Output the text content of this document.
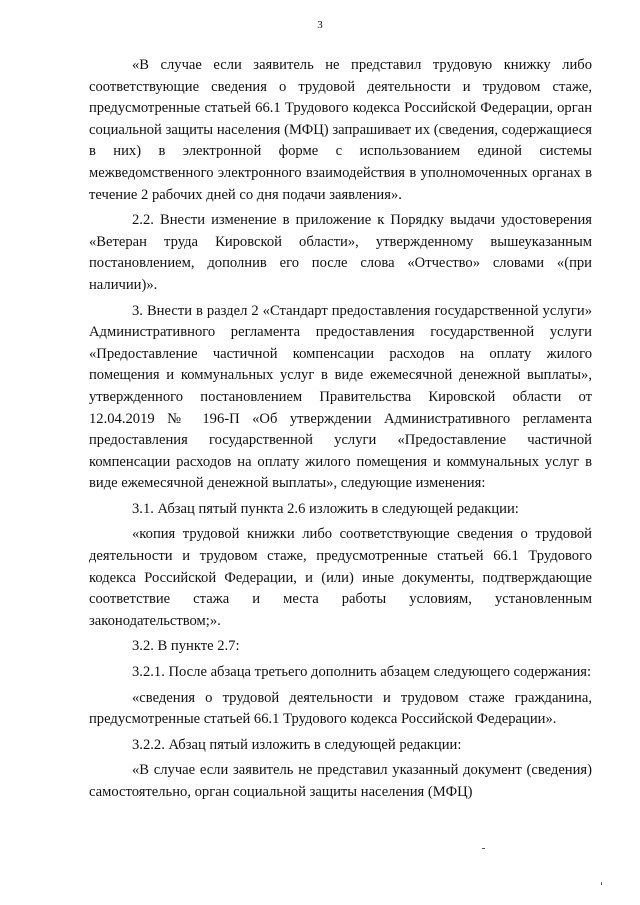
3

«В случае если заявитель не представил трудовую книжку либо соответствующие сведения о трудовой деятельности и трудовом стаже, предусмотренные статьей 66.1 Трудового кодекса Российской Федерации, орган социальной защиты населения (МФЦ) запрашивает их (сведения, содержащиеся в них) в электронной форме с использованием единой системы межведомственного электронного взаимодействия в уполномоченных органах в течение 2 рабочих дней со дня подачи заявления».

2.2. Внести изменение в приложение к Порядку выдачи удостоверения «Ветеран труда Кировской области», утвержденному вышеуказанным постановлением, дополнив его после слова «Отчество» словами «(при наличии)».

3. Внести в раздел 2 «Стандарт предоставления государственной услуги» Административного регламента предоставления государственной услуги «Предоставление частичной компенсации расходов на оплату жилого помещения и коммунальных услуг в виде ежемесячной денежной выплаты», утвержденного постановлением Правительства Кировской области от 12.04.2019 № 196-П «Об утверждении Административного регламента предоставления государственной услуги «Предоставление частичной компенсации расходов на оплату жилого помещения и коммунальных услуг в виде ежемесячной денежной выплаты», следующие изменения:

3.1. Абзац пятый пункта 2.6 изложить в следующей редакции:

«копия трудовой книжки либо соответствующие сведения о трудовой деятельности и трудовом стаже, предусмотренные статьей 66.1 Трудового кодекса Российской Федерации, и (или) иные документы, подтверждающие соответствие стажа и места работы условиям, установленным законодательством;».

3.2. В пункте 2.7:

3.2.1. После абзаца третьего дополнить абзацем следующего содержания:

«сведения о трудовой деятельности и трудовом стаже гражданина, предусмотренные статьей 66.1 Трудового кодекса Российской Федерации».

3.2.2. Абзац пятый изложить в следующей редакции:

«В случае если заявитель не представил указанный документ (сведения) самостоятельно, орган социальной защиты населения (МФЦ)
